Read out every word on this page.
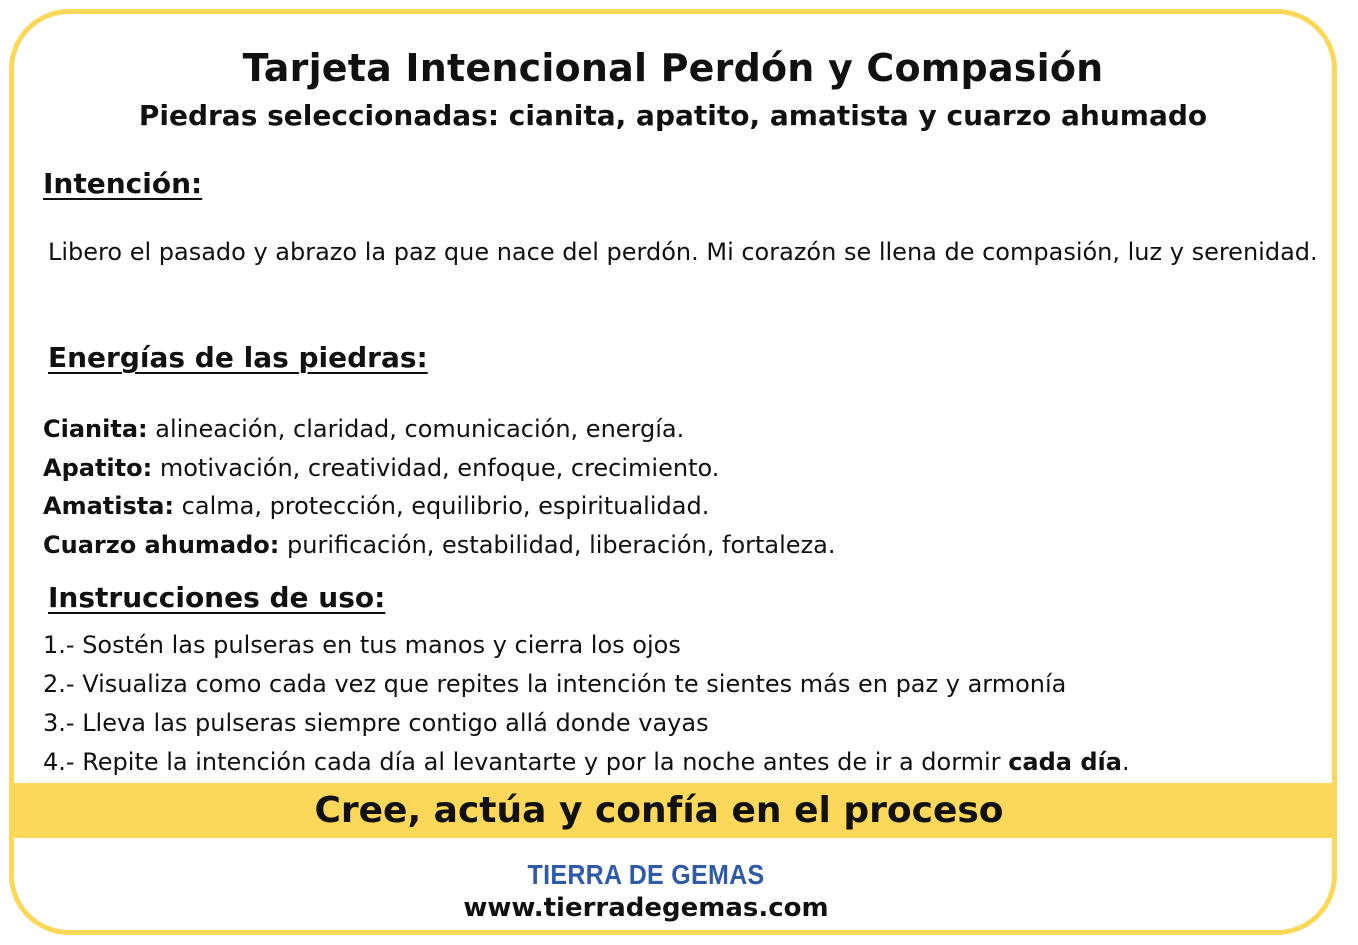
Tarjeta Intencional Perdón y Compasión
Piedras seleccionadas: cianita, apatito, amatista y cuarzo ahumado
Intención:
Libero el pasado y abrazo la paz que nace del perdón. Mi corazón se llena de compasión, luz y serenidad.
Energías de las piedras:
Cianita: alineación, claridad, comunicación, energía.
Apatito: motivación, creatividad, enfoque, crecimiento.
Amatista: calma, protección, equilibrio, espiritualidad.
Cuarzo ahumado: purificación, estabilidad, liberación, fortaleza.
Instrucciones de uso:
1.- Sostén las pulseras en tus manos y cierra los ojos
2.- Visualiza como cada vez que repites la intención te sientes más en paz y armonía
3.- Lleva las pulseras siempre contigo allá donde vayas
4.- Repite la intención cada día al levantarte y por la noche antes de ir a dormir cada día.
Cree, actúa y confía en el proceso
TIERRA DE GEMAS
www.tierradegemas.com
